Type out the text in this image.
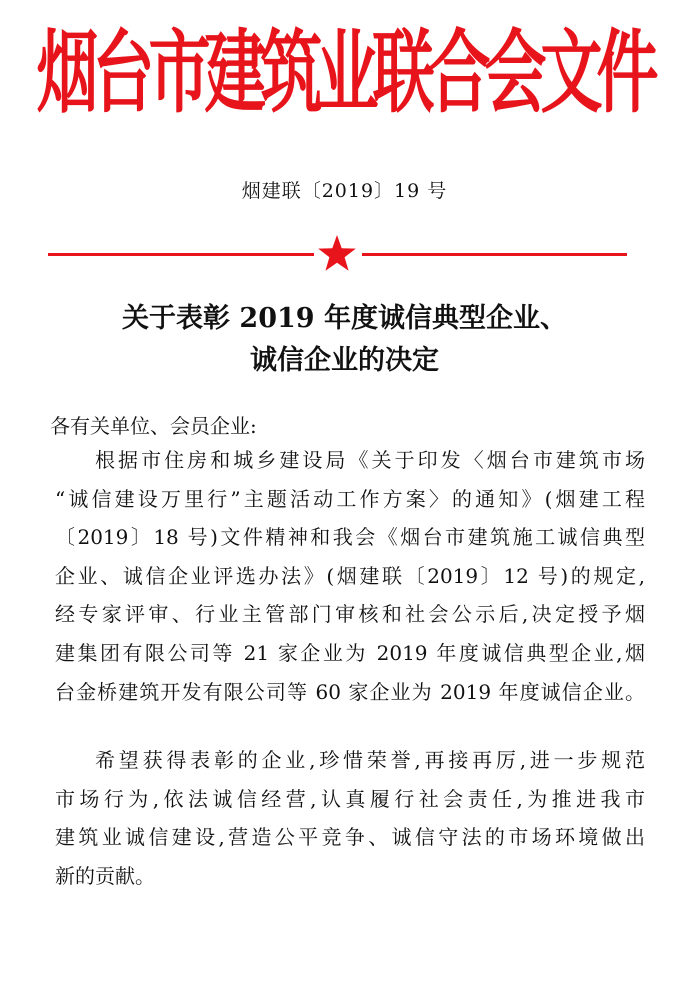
烟台市建筑业联合会文件
烟建联〔2019〕19 号
关于表彰 2019 年度诚信典型企业、
诚信企业的决定
各有关单位、会员企业:
根据市住房和城乡建设局《关于印发〈烟台市建筑市场
“诚信建设万里行”主题活动工作方案〉的通知》(烟建工程
〔2019〕18 号)文件精神和我会《烟台市建筑施工诚信典型
企业、诚信企业评选办法》(烟建联〔2019〕12 号)的规定,
经专家评审、行业主管部门审核和社会公示后,决定授予烟
建集团有限公司等 21 家企业为 2019 年度诚信典型企业,烟
台金桥建筑开发有限公司等 60 家企业为 2019 年度诚信企业。
希望获得表彰的企业,珍惜荣誉,再接再厉,进一步规范
市场行为,依法诚信经营,认真履行社会责任,为推进我市
建筑业诚信建设,营造公平竞争、诚信守法的市场环境做出
新的贡献。
